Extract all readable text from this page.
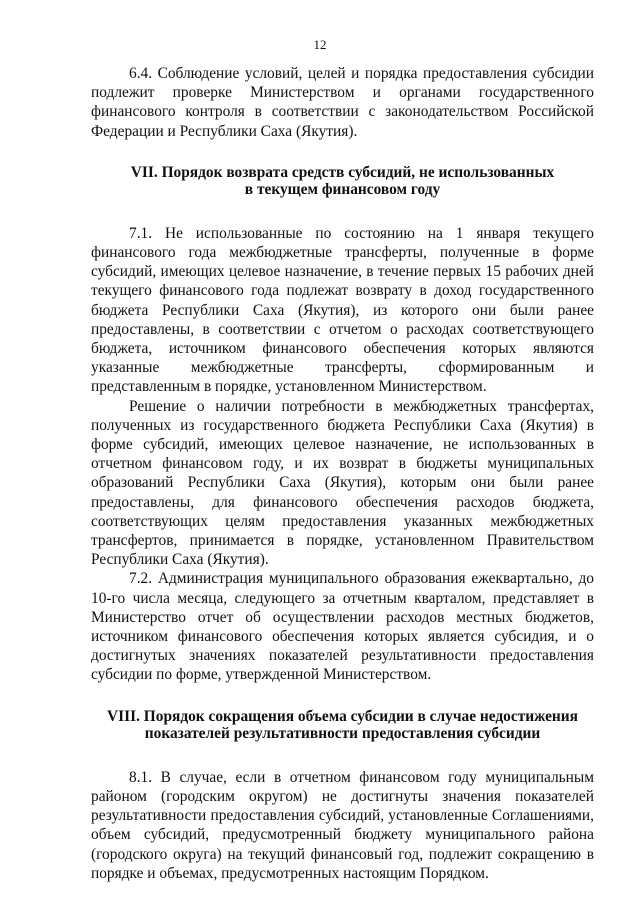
12

6.4. Соблюдение условий, целей и порядка предоставления субсидии подлежит проверке Министерством и органами государственного финансового контроля в соответствии с законодательством Российской Федерации и Республики Саха (Якутия).

VII. Порядок возврата средств субсидий, не использованных
в текущем финансовом году

7.1. Не использованные по состоянию на 1 января текущего финансового года межбюджетные трансферты, полученные в форме субсидий, имеющих целевое назначение, в течение первых 15 рабочих дней текущего финансового года подлежат возврату в доход государственного бюджета Республики Саха (Якутия), из которого они были ранее предоставлены, в соответствии с отчетом о расходах соответствующего бюджета, источником финансового обеспечения которых являются указанные межбюджетные трансферты, сформированным и представленным в порядке, установленном Министерством.

Решение о наличии потребности в межбюджетных трансфертах, полученных из государственного бюджета Республики Саха (Якутия) в форме субсидий, имеющих целевое назначение, не использованных в отчетном финансовом году, и их возврат в бюджеты муниципальных образований Республики Саха (Якутия), которым они были ранее предоставлены, для финансового обеспечения расходов бюджета, соответствующих целям предоставления указанных межбюджетных трансфертов, принимается в порядке, установленном Правительством Республики Саха (Якутия).

7.2. Администрация муниципального образования ежеквартально, до 10-го числа месяца, следующего за отчетным кварталом, представляет в Министерство отчет об осуществлении расходов местных бюджетов, источником финансового обеспечения которых является субсидия, и о достигнутых значениях показателей результативности предоставления субсидии по форме, утвержденной Министерством.

VIII. Порядок сокращения объема субсидии в случае недостижения
показателей результативности предоставления субсидии

8.1. В случае, если в отчетном финансовом году муниципальным районом (городским округом) не достигнуты значения показателей результативности предоставления субсидий, установленные Соглашениями, объем субсидий, предусмотренный бюджету муниципального района (городского округа) на текущий финансовый год, подлежит сокращению в порядке и объемах, предусмотренных настоящим Порядком.
